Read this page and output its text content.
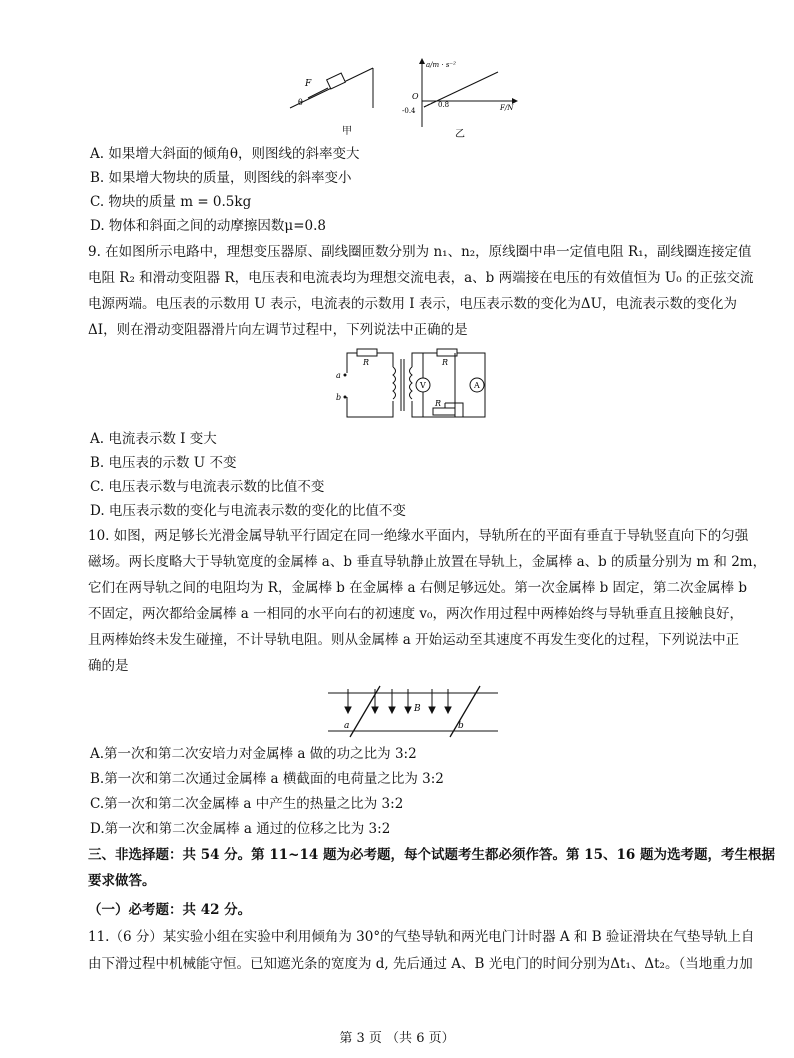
F
θ
甲
a/m · s⁻²
F/N
O
-0.4
0.8
乙
A. 如果增大斜面的倾角θ，则图线的斜率变大
B. 如果增大物块的质量，则图线的斜率变小
C. 物块的质量 m = 0.5kg
D. 物体和斜面之间的动摩擦因数μ=0.8
9. 在如图所示电路中，理想变压器原、副线圈匝数分别为 n₁、n₂，原线圈中串一定值电阻 R₁，副线圈连接定值
电阻 R₂ 和滑动变阻器 R，电压表和电流表均为理想交流电表，a、b 两端接在电压的有效值恒为 U₀ 的正弦交流
电源两端。电压表的示数用 U 表示，电流表的示数用 I 表示，电压表示数的变化为ΔU，电流表示数的变化为
ΔI，则在滑动变阻器滑片向左调节过程中，下列说法中正确的是
a
b
R	R
R
V	A
A. 电流表示数 I 变大
B. 电压表的示数 U 不变
C. 电压表示数与电流表示数的比值不变
D. 电压表示数的变化与电流表示数的变化的比值不变
10. 如图，两足够长光滑金属导轨平行固定在同一绝缘水平面内，导轨所在的平面有垂直于导轨竖直向下的匀强
磁场。两长度略大于导轨宽度的金属棒 a、b 垂直导轨静止放置在导轨上，金属棒 a、b 的质量分别为 m 和 2m，
它们在两导轨之间的电阻均为 R，金属棒 b 在金属棒 a 右侧足够远处。第一次金属棒 b 固定，第二次金属棒 b
不固定，两次都给金属棒 a 一相同的水平向右的初速度 v₀，两次作用过程中两棒始终与导轨垂直且接触良好，
且两棒始终未发生碰撞，不计导轨电阻。则从金属棒 a 开始运动至其速度不再发生变化的过程，下列说法中正
确的是
a	b
B
A.第一次和第二次安培力对金属棒 a 做的功之比为 3:2
B.第一次和第二次通过金属棒 a 横截面的电荷量之比为 3:2
C.第一次和第二次金属棒 a 中产生的热量之比为 3:2
D.第一次和第二次金属棒 a 通过的位移之比为 3:2
三、非选择题：共 54 分。第 11~14 题为必考题，每个试题考生都必须作答。第 15、16 题为选考题，考生根据
要求做答。
（一）必考题：共 42 分。
11.（6 分）某实验小组在实验中利用倾角为 30°的气垫导轨和两光电门计时器 A 和 B 验证滑块在气垫导轨上自
由下滑过程中机械能守恒。已知遮光条的宽度为 d, 先后通过 A、B 光电门的时间分别为Δt₁、Δt₂。（当地重力加
第 3 页 （共 6 页）
